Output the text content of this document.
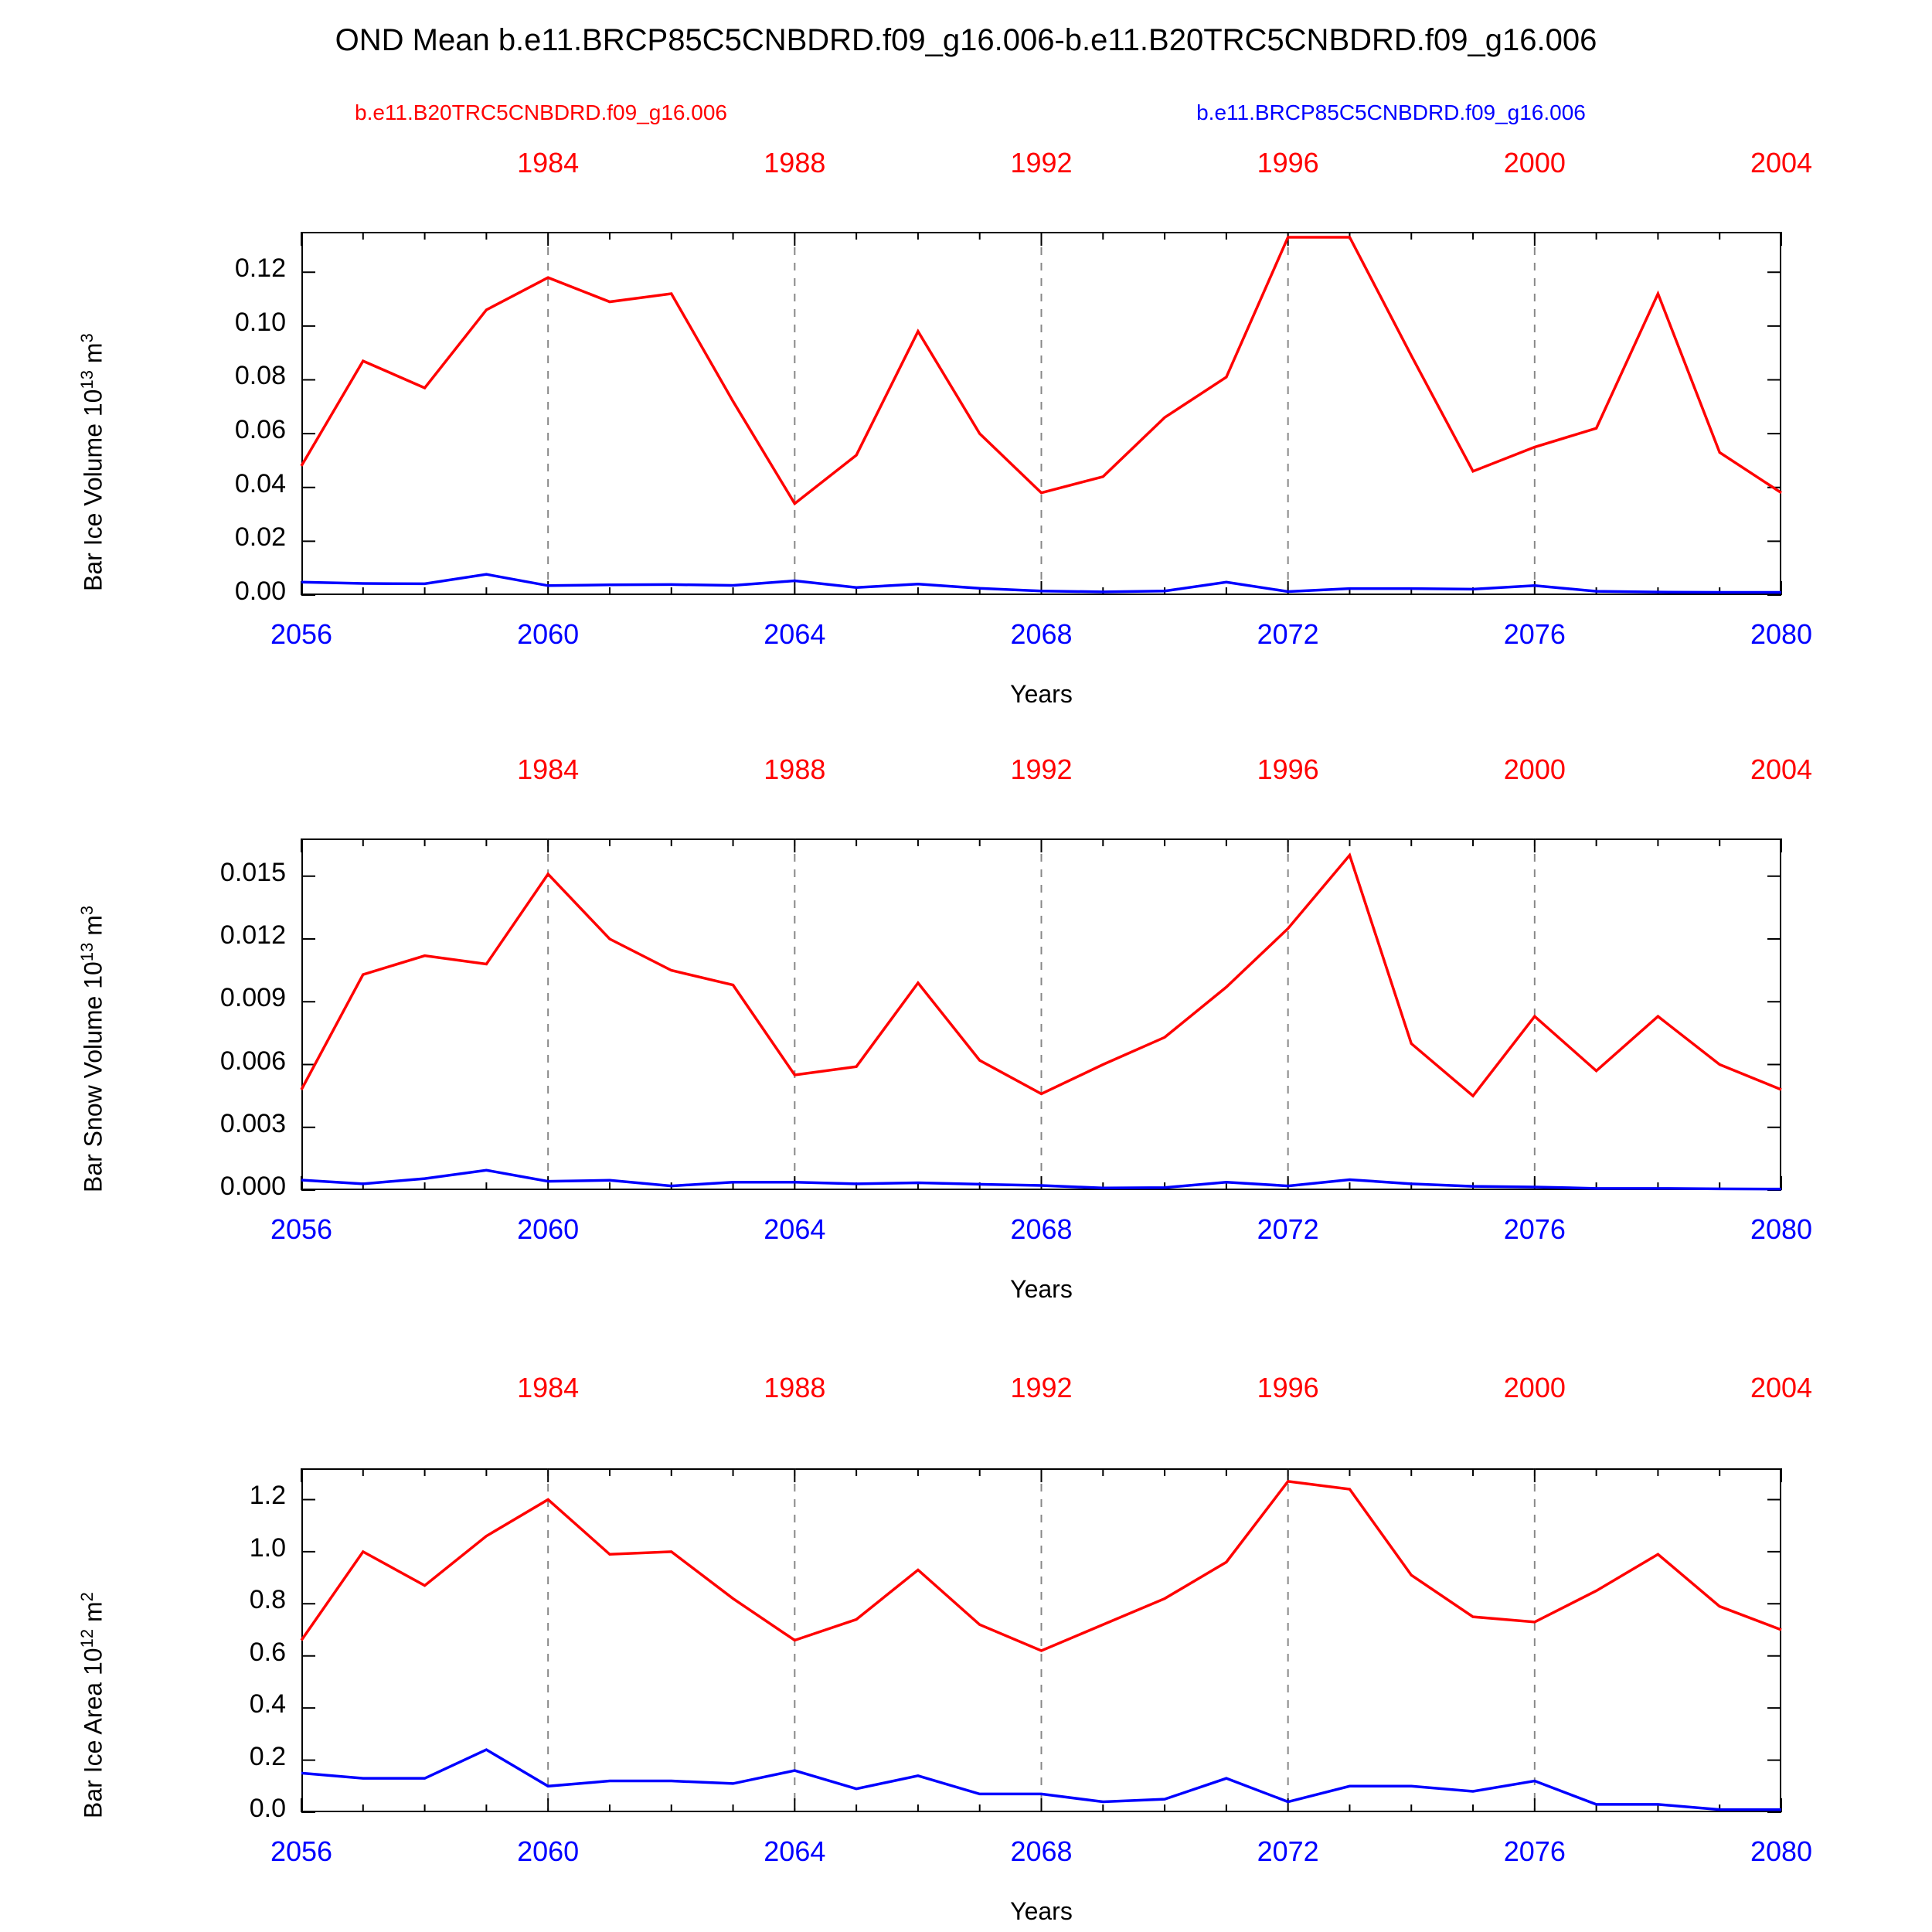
OND Mean b.e11.BRCP85C5CNBDRD.f09_g16.006-b.e11.B20TRC5CNBDRD.f09_g16.006
b.e11.B20TRC5CNBDRD.f09_g16.006	b.e11.BRCP85C5CNBDRD.f09_g16.006
0.00
0.02
0.04
0.06
0.08
0.10
0.12
Bar Ice Volume $10^{13}$ $m^3$
1984	1988	1992	1996	2000	2004
2056	2060	2064	2068	2072	2076	2080
Years
0.000
0.003
0.006
0.009
0.012
0.015
Bar Snow Volume $10^{13}$ $m^3$
1984	1988	1992	1996	2000	2004
2056	2060	2064	2068	2072	2076	2080
Years
0.0
0.2
0.4
0.6
0.8
1.0
1.2
Bar Ice Area $10^{12}$ $m^2$
1984	1988	1992	1996	2000	2004
2056	2060	2064	2068	2072	2076	2080
Years
